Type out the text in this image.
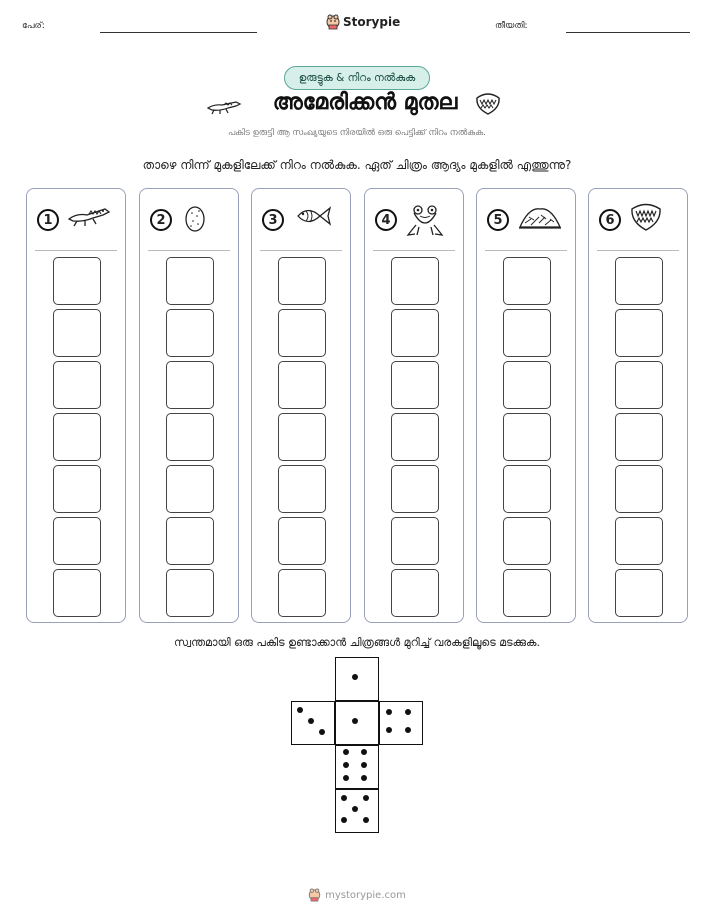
പേര്:	Storypie	തീയതി:
ഉരുട്ടുക & നിറം നൽകുക
അമേരിക്കൻ മുതല
പകിട ഉരുട്ടി ആ സംഖ്യയുടെ നിരയിൽ ഒരു പെട്ടിക്ക് നിറം നൽകുക.
താഴെ നിന്ന് മുകളിലേക്ക് നിറം നൽകുക. ഏത് ചിത്രം ആദ്യം മുകളിൽ എത്തുന്നു?
1	2	3	4	5	6
സ്വന്തമായി ഒരു പകിട ഉണ്ടാക്കാൻ ചിത്രങ്ങൾ മുറിച്ച് വരകളിലൂടെ മടക്കുക.
mystorypie.com
